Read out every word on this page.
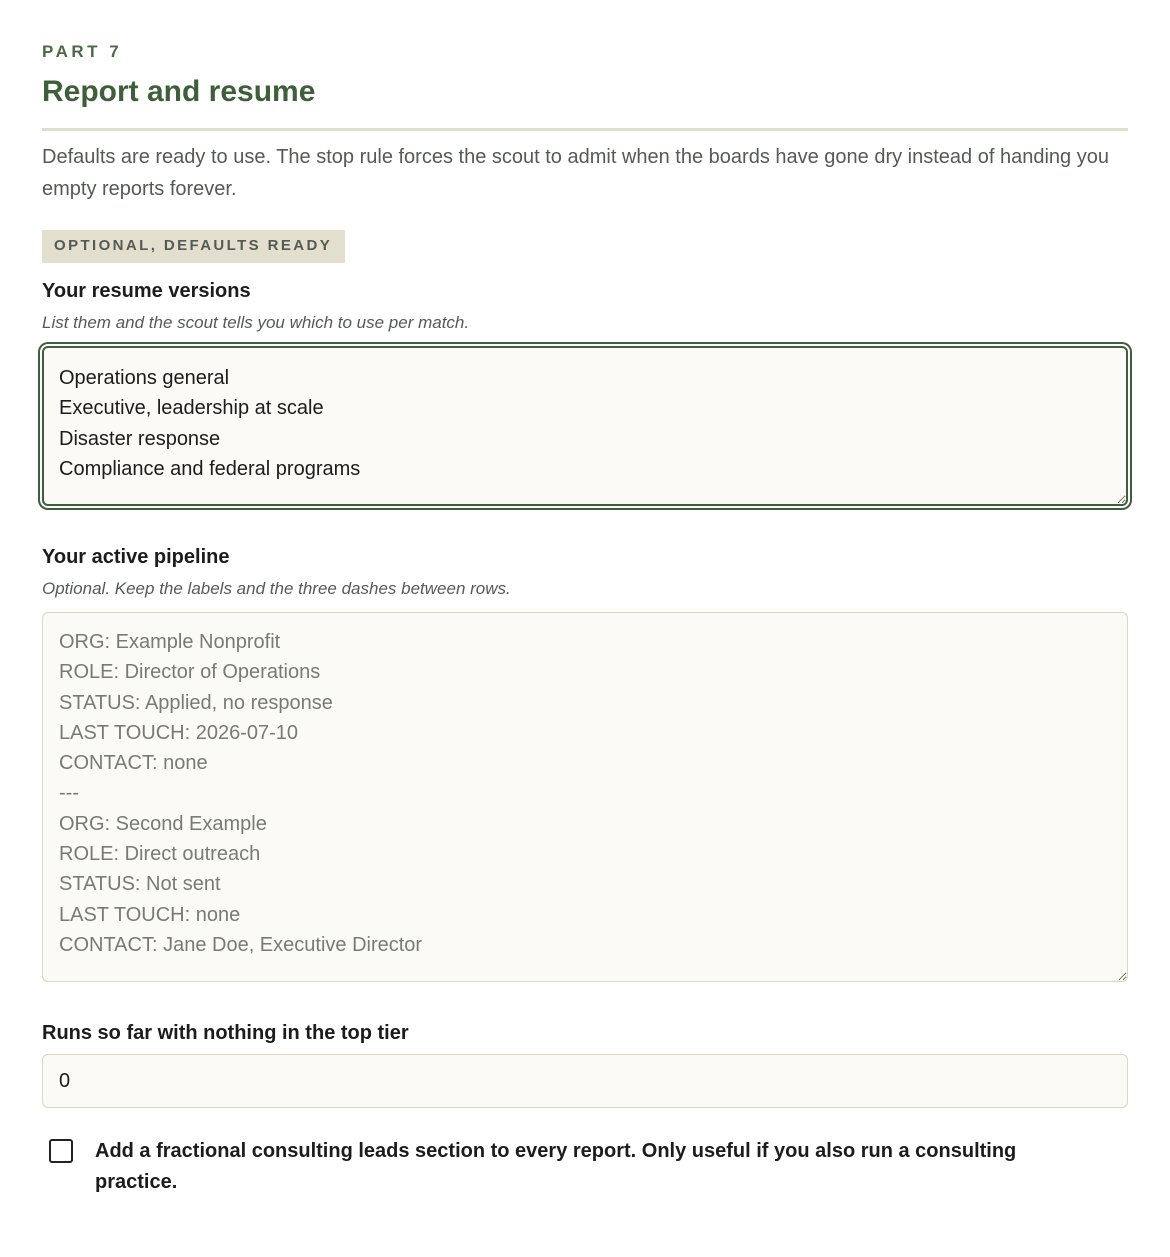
PART 7

Report and resume

Defaults are ready to use. The stop rule forces the scout to admit when the boards have gone dry instead of handing you empty reports forever.

OPTIONAL, DEFAULTS READY
Your resume versions

List them and the scout tells you which to use per match.

Operations general Executive, leadership at scale Disaster response Compliance and federal programs
Your active pipeline

Optional. Keep the labels and the three dashes between rows.

ORG: Example Nonprofit ROLE: Director of Operations STATUS: Applied, no response LAST TOUCH: 2026-07-10 CONTACT: none --- ORG: Second Example ROLE: Direct outreach STATUS: Not sent LAST TOUCH: none CONTACT: Jane Doe, Executive Director
Runs so far with nothing in the top tier
0
Add a fractional consulting leads section to every report. Only useful if you also run a consulting practice.
